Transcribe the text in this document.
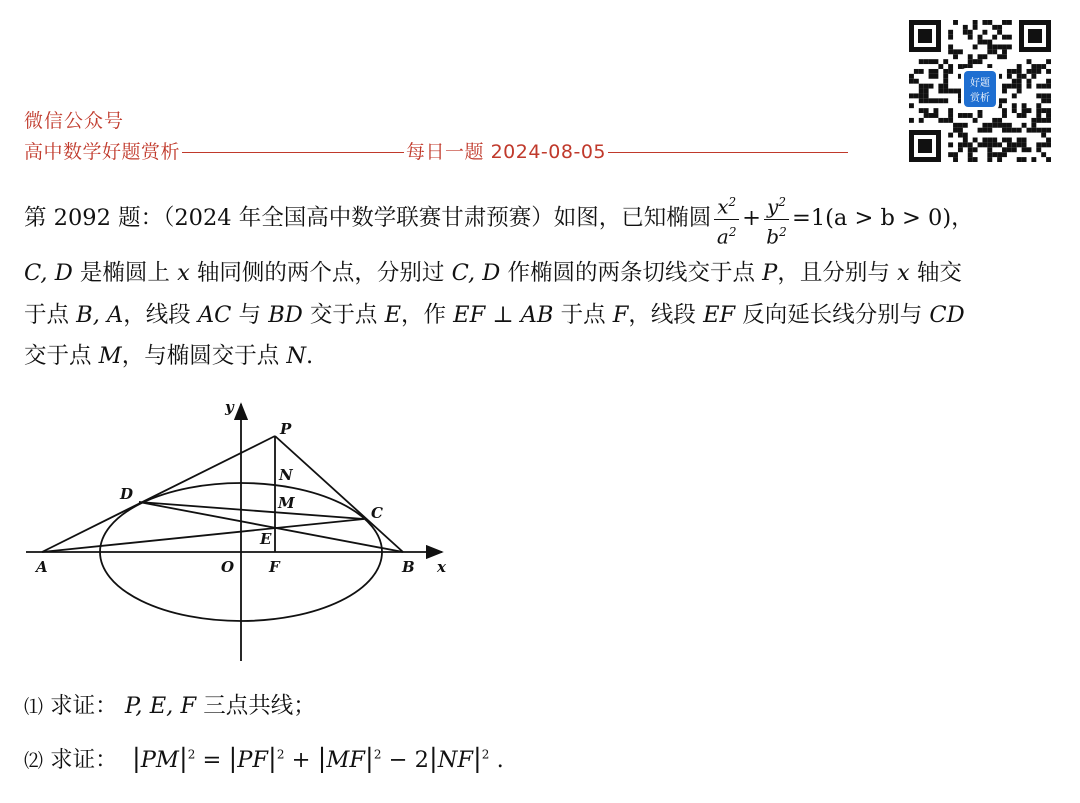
微信公众号
高中数学好题赏析	每日一题 2024-08-05
好题
赏析
第 2092 题：（2024 年全国高中数学联赛甘肃预赛）如图，已知椭圆 $\frac{x^2}{a^2} + \frac{y^2}{b^2} =1(a > b > 0)$，
C, D 是椭圆上 x 轴同侧的两个点，分别过 C, D 作椭圆的两条切线交于点 P，且分别与 x 轴交
于点 B, A，线段 AC 与 BD 交于点 E，作 EF ⊥ AB 于点 F，线段 EF 反向延长线分别与 CD
交于点 M，与椭圆交于点 N.
y
x
P
N
M
D
C
E
A	O F	B
⑴ 求证： P, E, F 三点共线；
⑵ 求证： $|PM|^2 = |PF|^2 + |MF|^2 - 2|NF|^2$ .
